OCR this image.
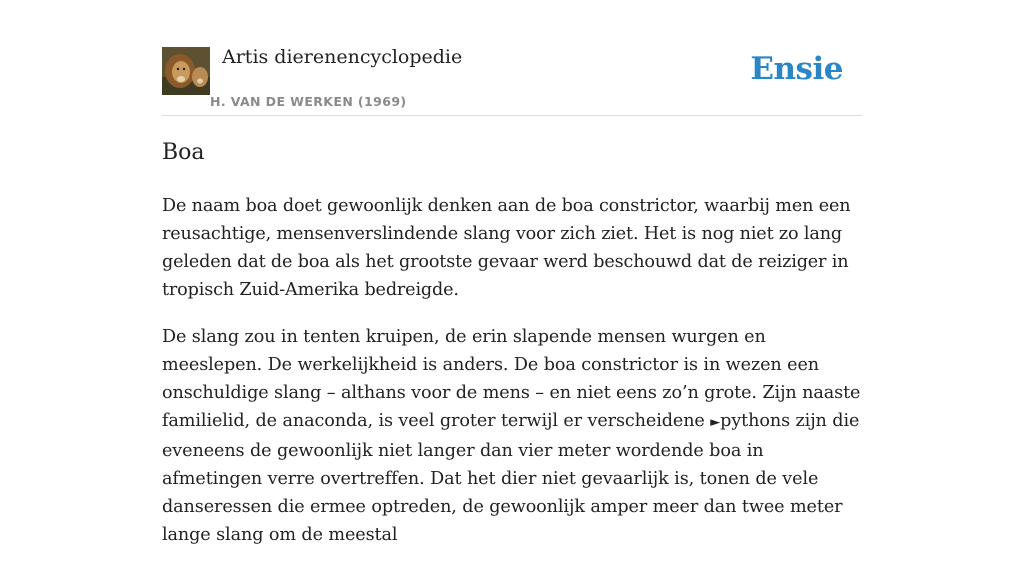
Artis dierenencyclopedie
H. VAN DE WERKEN (1969)
Ensie
Boa

De naam boa doet gewoonlijk denken aan de boa constrictor, waarbij men een reusachtige, mensenverslindende slang voor zich ziet. Het is nog niet zo lang geleden dat de boa als het grootste gevaar werd beschouwd dat de reiziger in tropisch Zuid-Amerika bedreigde.

De slang zou in tenten kruipen, de erin slapende mensen wurgen en meeslepen. De werkelijkheid is anders. De boa constrictor is in wezen een onschuldige slang – althans voor de mens – en niet eens zo’n grote. Zijn naaste familielid, de anaconda, is veel groter terwijl er verscheidene ►pythons zijn die eveneens de gewoonlijk niet langer dan vier meter wordende boa in afmetingen verre overtreffen. Dat het dier niet gevaarlijk is, tonen de vele danseressen die ermee optreden, de gewoonlijk amper meer dan twee meter lange slang om de meestal
